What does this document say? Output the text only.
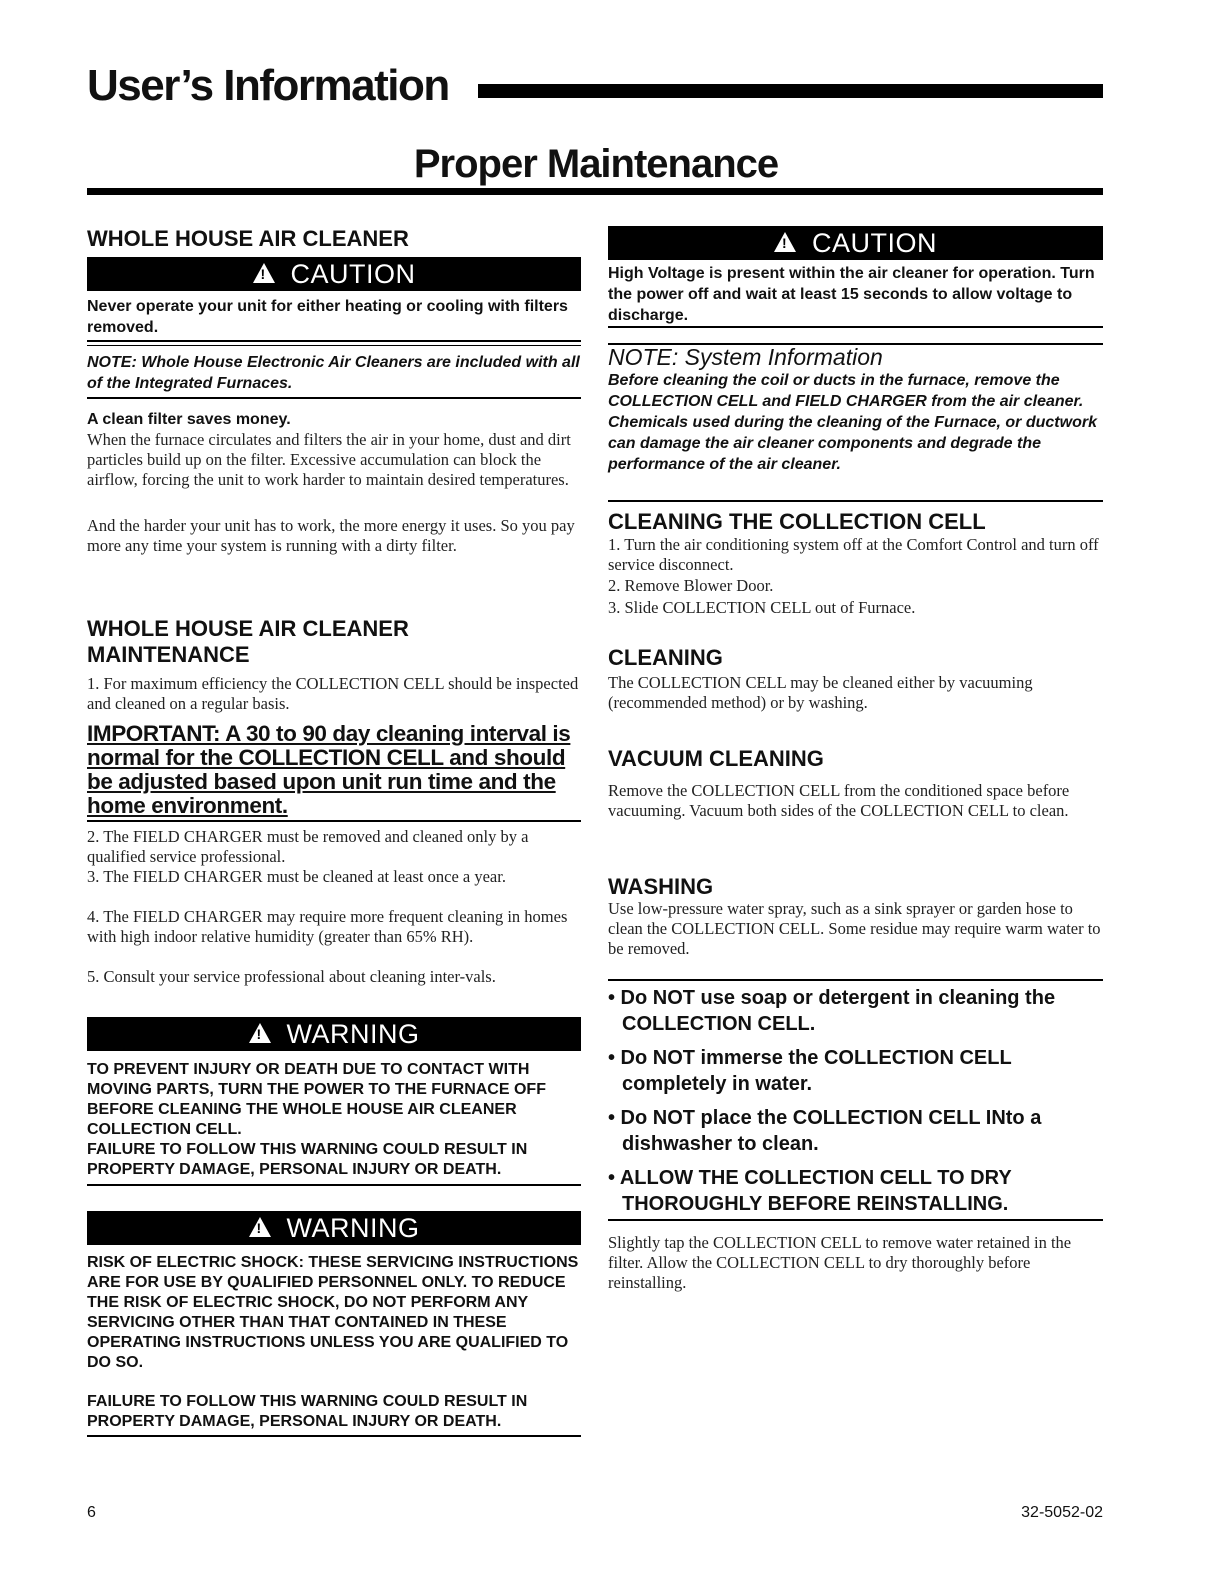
User’s Information
Proper Maintenance
WHOLE HOUSE AIR CLEANER
!
CAUTION
Never operate your unit for either heating or cooling with filters removed.
NOTE: Whole House Electronic Air Cleaners are included with all of the Integrated Furnaces.
A clean filter saves money.
When the furnace circulates and filters the air in your home, dust and dirt particles build up on the filter. Excessive accumulation can block the airflow, forcing the unit to work harder to maintain desired temperatures.
And the harder your unit has to work, the more energy it uses. So you pay more any time your system is running with a dirty filter.
WHOLE HOUSE AIR CLEANER MAINTENANCE
1. For maximum efficiency the COLLECTION CELL should be inspected and cleaned on a regular basis.
IMPORTANT: A 30 to 90 day cleaning interval is normal for the COLLECTION CELL and should be adjusted based upon unit run time and the home environment.
2. The FIELD CHARGER must be removed and cleaned only by a qualified service professional.
3. The FIELD CHARGER must be cleaned at least once a year.
4. The FIELD CHARGER may require more frequent cleaning in homes with high indoor relative humidity (greater than 65% RH).
5. Consult your service professional about cleaning inter-vals.
!
WARNING
TO PREVENT INJURY OR DEATH DUE TO CONTACT WITH MOVING PARTS, TURN THE POWER TO THE FURNACE OFF BEFORE CLEANING THE WHOLE HOUSE AIR CLEANER COLLECTION CELL.
FAILURE TO FOLLOW THIS WARNING COULD RESULT IN PROPERTY DAMAGE, PERSONAL INJURY OR DEATH.
!
WARNING
RISK OF ELECTRIC SHOCK: THESE SERVICING INSTRUCTIONS ARE FOR USE BY QUALIFIED PERSONNEL ONLY. TO REDUCE THE RISK OF ELECTRIC SHOCK, DO NOT PERFORM ANY SERVICING OTHER THAN THAT CONTAINED IN THESE OPERATING INSTRUCTIONS UNLESS YOU ARE QUALIFIED TO DO SO.
FAILURE TO FOLLOW THIS WARNING COULD RESULT IN PROPERTY DAMAGE, PERSONAL INJURY OR DEATH.
!
CAUTION
High Voltage is present within the air cleaner for operation. Turn the power off and wait at least 15 seconds to allow voltage to discharge.
NOTE: System Information
Before cleaning the coil or ducts in the furnace, remove the COLLECTION CELL and FIELD CHARGER from the air cleaner. Chemicals used during the cleaning of the Furnace, or ductwork can damage the air cleaner components and degrade the performance of the air cleaner.
CLEANING THE COLLECTION CELL
1. Turn the air conditioning system off at the Comfort Control and turn off service disconnect.
2. Remove Blower Door.
3. Slide COLLECTION CELL out of Furnace.
CLEANING
The COLLECTION CELL may be cleaned either by vacuuming (recommended method) or by washing.
VACUUM CLEANING
Remove the COLLECTION CELL from the conditioned space before vacuuming. Vacuum both sides of the COLLECTION CELL to clean.
WASHING
Use low-pressure water spray, such as a sink sprayer or garden hose to clean the COLLECTION CELL. Some residue may require warm water to be removed.
• Do NOT use soap or detergent in cleaning the COLLECTION CELL.
• Do NOT immerse the COLLECTION CELL completely in water.
• Do NOT place the COLLECTION CELL INto a dishwasher to clean.
• ALLOW THE COLLECTION CELL TO DRY THOROUGHLY BEFORE REINSTALLING.
Slightly tap the COLLECTION CELL to remove water retained in the filter. Allow the COLLECTION CELL to dry thoroughly before reinstalling.
6	32-5052-02
